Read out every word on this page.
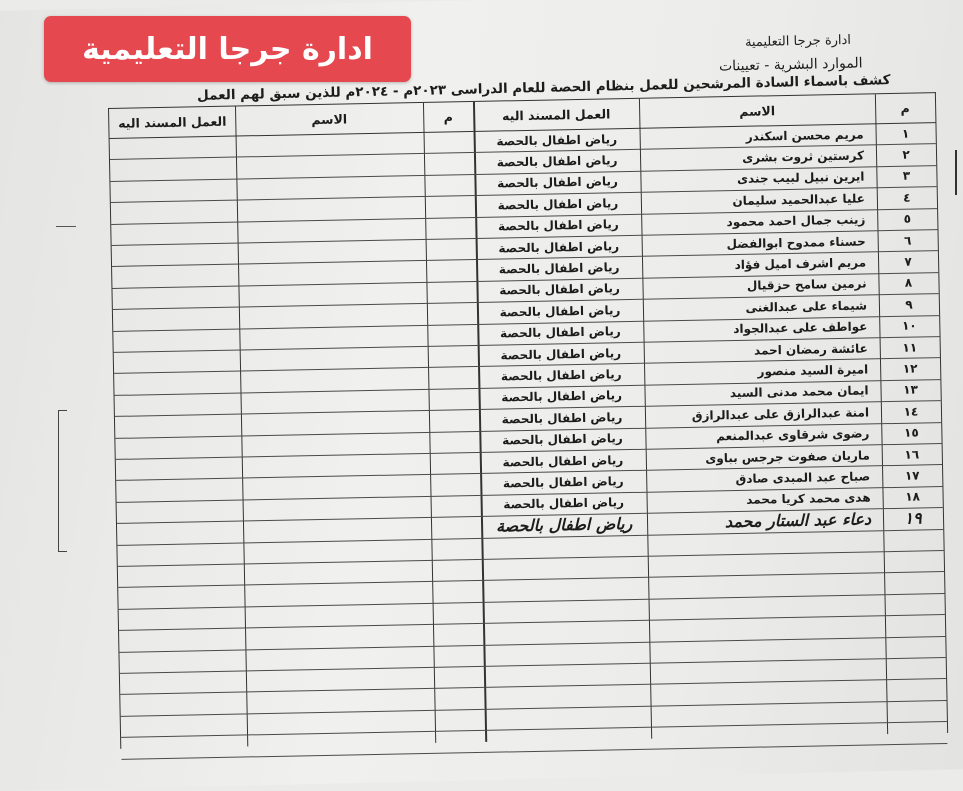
ادارة جرجا التعليمية
الموارد البشرية - تعيينات
كشف باسماء السادة المرشحين للعمل بنظام الحصة للعام الدراسى ٢٠٢٣م - ٢٠٢٤م للذين سبق لهم العمل
ادارة جرجا التعليمية
العمل المسند اليه	الاسم	م	العمل المسند اليه	الاسم	م
رياض اطفال بالحصة	مريم محسن اسكندر	١
رياض اطفال بالحصة	كرستين ثروت بشرى	٢
رياض اطفال بالحصة	ايرين نبيل لبيب جندى	٣
رياض اطفال بالحصة	عليا عبدالحميد سليمان	٤
رياض اطفال بالحصة	زينب جمال احمد محمود	٥
رياض اطفال بالحصة	حسناء ممدوح ابوالفضل	٦
رياض اطفال بالحصة	مريم اشرف اميل فؤاد	٧
رياض اطفال بالحصة	نرمين سامح حزقيال	٨
رياض اطفال بالحصة	شيماء على عبدالغنى	٩
رياض اطفال بالحصة	عواطف على عبدالجواد	١٠
رياض اطفال بالحصة	عائشة رمضان احمد	١١
رياض اطفال بالحصة	اميرة السيد منصور	١٢
رياض اطفال بالحصة	ايمان محمد مدنى السيد	١٣
رياض اطفال بالحصة	امنة عبدالرازق على عبدالرازق	١٤
رياض اطفال بالحصة	رضوى شرقاوى عبدالمنعم	١٥
رياض اطفال بالحصة	ماريان صفوت جرجس بباوى	١٦
رياض اطفال بالحصة	صباح عبد المبدى صادق	١٧
رياض اطفال بالحصة	هدى محمد كريا محمد	١٨
رياض اطفال بالحصة	دعاء عبد الستار محمد	١٩
